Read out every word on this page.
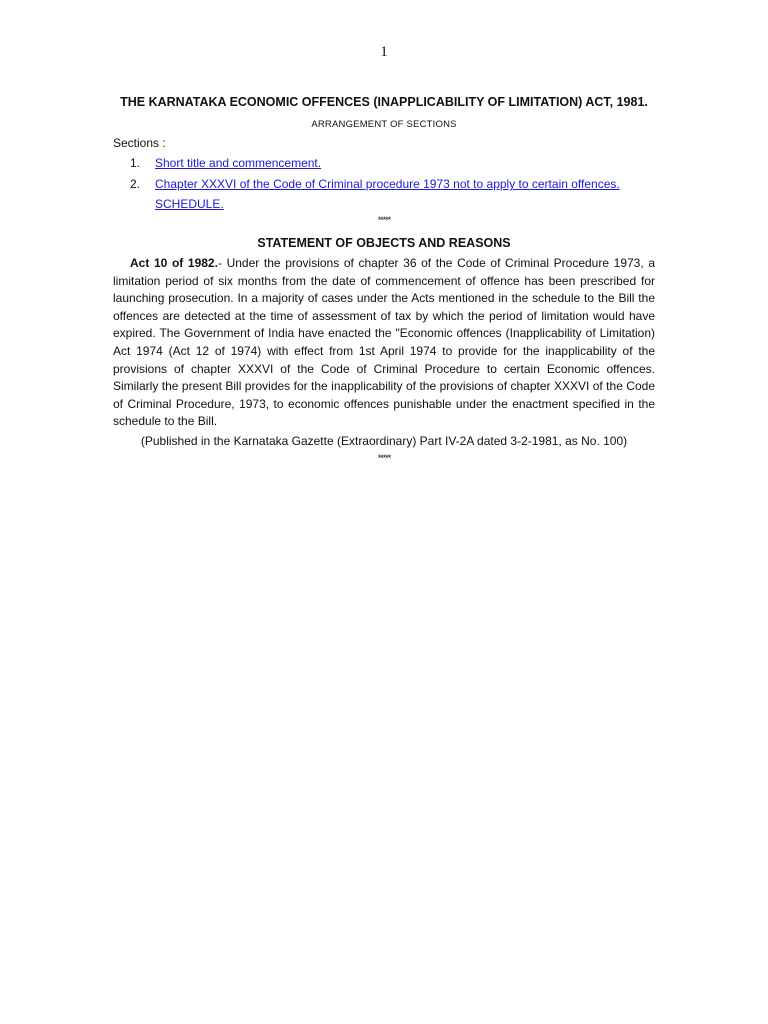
1
THE KARNATAKA ECONOMIC OFFENCES (INAPPLICABILITY OF LIMITATION) ACT, 1981.
ARRANGEMENT OF SECTIONS
Sections :
1. Short title and commencement.
2. Chapter XXXVI of the Code of Criminal procedure 1973 not to apply to certain offences.
SCHEDULE.
*****
STATEMENT OF OBJECTS AND REASONS

Act 10 of 1982.- Under the provisions of chapter 36 of the Code of Criminal Procedure 1973, a limitation period of six months from the date of commencement of offence has been prescribed for launching prosecution. In a majority of cases under the Acts mentioned in the schedule to the Bill the offences are detected at the time of assessment of tax by which the period of limitation would have expired. The Government of India have enacted the "Economic offences (Inapplicability of Limitation) Act 1974 (Act 12 of 1974) with effect from 1st April 1974 to provide for the inapplicability of the provisions of chapter XXXVI of the Code of Criminal Procedure to certain Economic offences. Similarly the present Bill provides for the inapplicability of the provisions of chapter XXXVI of the Code of Criminal Procedure, 1973, to economic offences punishable under the enactment specified in the schedule to the Bill.

(Published in the Karnataka Gazette (Extraordinary) Part IV-2A dated 3-2-1981, as No. 100)
*****
